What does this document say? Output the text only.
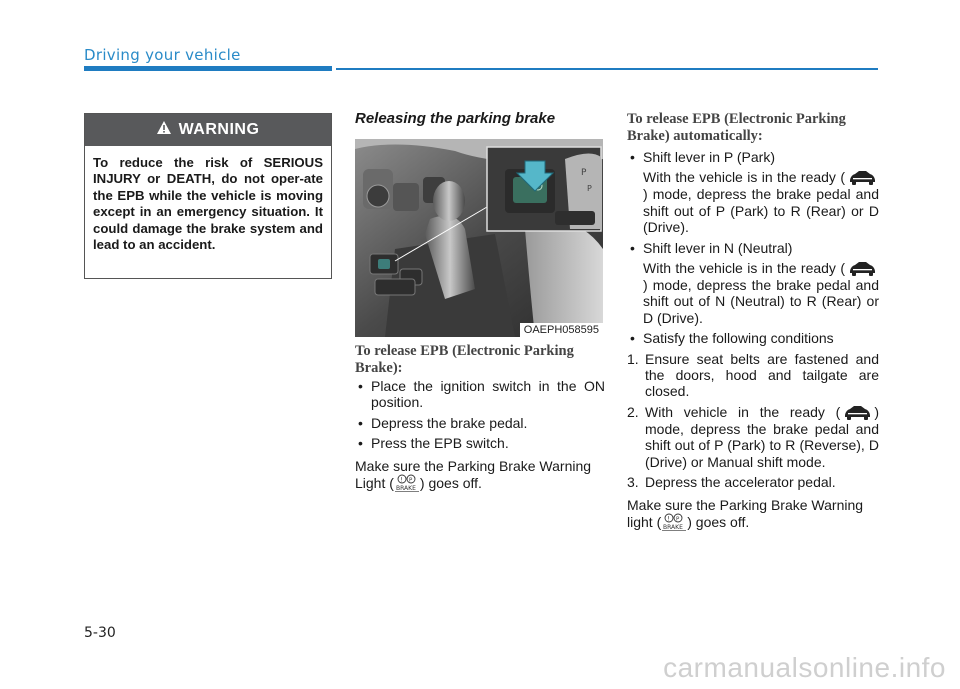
Driving your vehicle
WARNING
To reduce the risk of SERIOUS INJURY or DEATH, do not oper-ate the EPB while the vehicle is moving except in an emergency situation. It could damage the brake system and lead to an accident.
Releasing the parking brake
P
P
OAEPH058595
To release EPB (Electronic Parking Brake):
• Place the ignition switch in the ON position.
• Depress the brake pedal.
• Press the EPB switch.

Make sure the Parking Brake Warning Light ( ! P
BRAKE ) goes off.

To release EPB (Electronic Parking Brake) automatically:
• Shift lever in P (Park)

With the vehicle is in the ready () mode, depress the brake pedal and shift out of P (Park) to R (Rear) or D (Drive).

• Shift lever in N (Neutral)

With the vehicle is in the ready () mode, depress the brake pedal and shift out of N (Neutral) to R (Rear) or D (Drive).

• Satisfy the following conditions
1. Ensure seat belts are fastened and the doors, hood and tailgate are closed.
2. With vehicle in the ready ( ) mode, depress the brake pedal and shift out of P (Park) to R (Reverse), D (Drive) or Manual shift mode.
3. Depress the accelerator pedal.

Make sure the Parking Brake Warning light ( ! P
BRAKE ) goes off.

5-30
carmanualsonline.info
